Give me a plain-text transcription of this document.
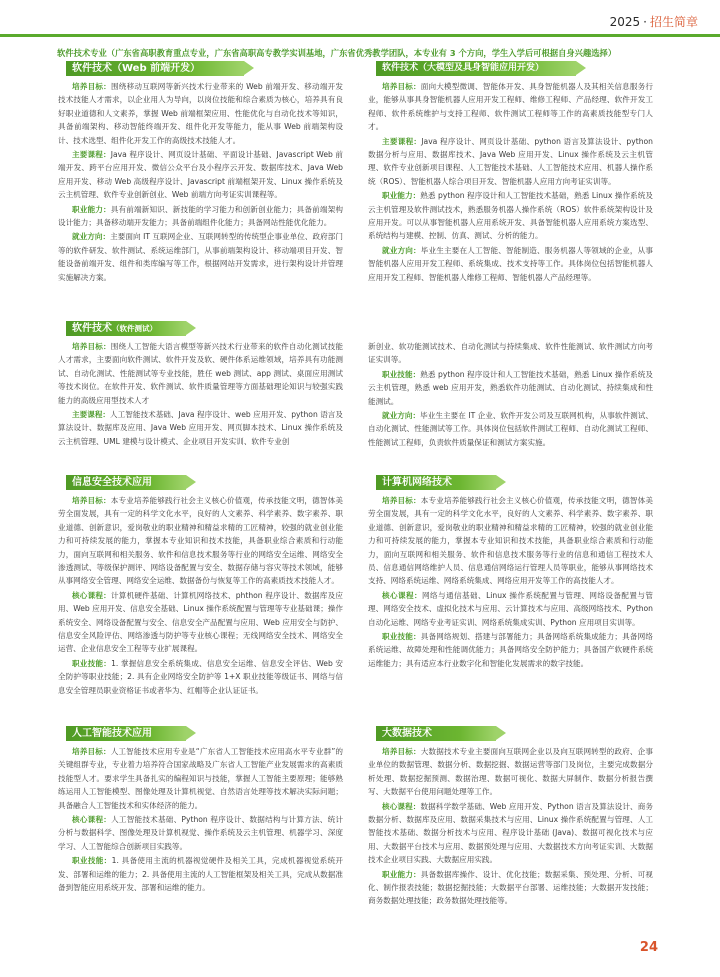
2025 · 招生简章
软件技术专业（广东省高职教育重点专业，广东省高职高专教学实训基地，广东省优秀教学团队，本专业有 3 个方向，学生入学后可根据自身兴趣选择）
软件技术（Web 前端开发）

培养目标：围绕移动互联网等新兴技术行业带来的 Web 前端开发、移动端开发技术技能人才需求，以企业用人为导向，以岗位技能和综合素质为核心，培养具有良好职业道德和人文素养，掌握 Web 前端框架应用、性能优化与自动化技术等知识，具备前端架构、移动智能终端开发、组件化开发等能力，能从事 Web 前端架构设计、技术选型、组件化开发工作的高级技术技能人才。

主要课程：Java 程序设计、网页设计基础、平面设计基础、Javascript Web 前端开发、跨平台应用开发、微信公众平台及小程序云开发、数据库技术、Java Web 应用开发、移动 Web 高级程序设计、Javascript 前端框架开发、Linux 操作系统及云主机管理、软件专业创新创业、Web 前端方向考证实训课程等。

职业能力：具有前端新知识、新技能的学习能力和创新创业能力；具备前端架构设计能力；具备移动端开发能力；具备前端组件化能力；具备网站性能优化能力。

就业方向：主要面向 IT 互联网企业、互联网转型的传统型企事业单位、政府部门等的软件研发、软件测试、系统运维部门，从事前端架构设计、移动端项目开发、智能设备前端开发、组件和类库编写等工作，根据网站开发需求，进行架构设计并管理实施解决方案。

软件技术（大模型及具身智能应用开发）

培养目标：面向大模型微调、智能体开发、具身智能机器人及其相关信息服务行业，能够从事具身智能机器人应用开发工程师、维修工程师、产品经理、软件开发工程师、软件系统维护与支持工程师、软件测试工程师等工作的高素质技能型专门人才。

主要课程：Java 程序设计、网页设计基础、python 语言及算法设计、python 数据分析与应用、数据库技术、Java Web 应用开发、Linux 操作系统及云主机管理、软件专业创新项目课程、人工智能技术基础、人工智能技术应用、机器人操作系统（ROS）、智能机器人综合项目开发、智能机器人应用方向考证实训等。

职业能力：熟悉 python 程序设计和人工智能技术基础，熟悉 Linux 操作系统及云主机管理及软件测试技术，熟悉服务机器人操作系统（ROS）软件系统架构设计及应用开发。可以从事智能机器人应用系统开发、具备智能机器人应用系统方案选型、系统结构与建模、控制、仿真、测试、分析的能力。

就业方向：毕业生主要在人工智能、智能制造、服务机器人等领域的企业，从事智能机器人应用开发工程师、系统集成、技术支持等工作。具体岗位包括智能机器人应用开发工程师、智能机器人维修工程师、智能机器人产品经理等。

软件技术（软件测试）

培养目标：围绕人工智能大语言模型等新兴技术行业带来的软件自动化测试技能人才需求，主要面向软件测试、软件开发及软、硬件体系运维领域，培养具有功能测试、自动化测试、性能测试等专业技能，胜任 web 测试、app 测试、桌面应用测试等技术岗位。在软件开发、软件测试、软件质量管理等方面基础理论知识与较强实践能力的高级应用型技术人才

主要课程：人工智能技术基础、Java 程序设计、web 应用开发、python 语言及算法设计、数据库及应用、Java Web 应用开发、网页脚本技术、Linux 操作系统及云主机管理、UML 建模与设计模式、企业项目开发实训、软件专业创

新创业、软功能测试技术、自动化测试与持续集成、软件性能测试、软件测试方向考证实训等。

职业技能：熟悉 python 程序设计和人工智能技术基础，熟悉 Linux 操作系统及云主机管理，熟悉 web 应用开发，熟悉软件功能测试、自动化测试、持续集成和性能测试。

就业方向：毕业生主要在 IT 企业、软件开发公司及互联网机构，从事软件测试、自动化测试、性能测试等工作。具体岗位包括软件测试工程师、自动化测试工程师、性能测试工程师，负责软件质量保证和测试方案实施。

信息安全技术应用

培养目标：本专业培养能够践行社会主义核心价值观，传承技能文明，德智体美劳全面发展，具有一定的科学文化水平，良好的人文素养、科学素养、数字素养、职业道德、创新意识，爱岗敬业的职业精神和精益求精的工匠精神，较强的就业创业能力和可持续发展的能力，掌握本专业知识和技术技能，具备职业综合素质和行动能力，面向互联网和相关服务、软件和信息技术服务等行业的网络安全运维、网络安全渗透测试、等级保护测评、网络设备配置与安全、数据存储与容灾等技术领域，能够从事网络安全管理、网络安全运维、数据备份与恢复等工作的高素质技术技能人才。

核心课程：计算机硬件基础、计算机网络技术、phthon 程序设计、数据库及应用、Web 应用开发、信息安全基础、Linux 操作系统配置与管理等专业基础课；操作系统安全、网络设备配置与安全、信息安全产品配置与应用、Web 应用安全与防护、信息安全风险评估、网络渗透与防护等专业核心课程；无线网络安全技术、网络安全运营、企业信息安全工程等专业扩展课程。

职业技能：1. 掌握信息安全系统集成、信息安全运维、信息安全评估、Web 安全防护等职业技能；2. 具有企业网络安全防护等 1+X 职业技能等级证书、网络与信息安全管理员职业资格证书或者华为、红帽等企业认证证书。

计算机网络技术

培养目标：本专业培养能够践行社会主义核心价值观，传承技能文明，德智体美劳全面发展，具有一定的科学文化水平，良好的人文素养、科学素养、数字素养、职业道德、创新意识，爱岗敬业的职业精神和精益求精的工匠精神，较强的就业创业能力和可持续发展的能力，掌握本专业知识和技术技能，具备职业综合素质和行动能力，面向互联网和相关服务、软件和信息技术服务等行业的信息和通信工程技术人员、信息通信网络维护人员、信息通信网络运行管理人员等职业，能够从事网络技术支持、网络系统运维、网络系统集成、网络应用开发等工作的高技能人才。

核心课程：网络与通信基础、Linux 操作系统配置与管理、网络设备配置与管理、网络安全技术、虚拟化技术与应用、云计算技术与应用、高级网络技术、Python 自动化运维、网络专业考证实训、网络系统集成实训、Python 应用项目实训等。

职业技能：具备网络规划、搭建与部署能力；具备网络系统集成能力；具备网络系统运维、故障处理和性能调优能力；具备网络安全防护能力；具备国产软硬件系统运维能力；具有适应本行业数字化和智能化发展需求的数字技能。

人工智能技术应用

培养目标：人工智能技术应用专业是“广东省人工智能技术应用高水平专业群”的关键组群专业，专业着力培养符合国家战略及广东省人工智能产业发展需求的高素质技能型人才。要求学生具备扎实的编程知识与技能，掌握人工智能主要原理；能够熟练运用人工智能模型、图像处理及计算机视觉、自然语言处理等技术解决实际问题；具备融合人工智能技术和实体经济的能力。

核心课程：人工智能技术基础、Python 程序设计、数据结构与计算方法、统计分析与数据科学、图像处理及计算机视觉、操作系统及云主机管理、机器学习、深度学习、人工智能综合创新项目实践等。

职业技能：1. 具备使用主流的机器视觉硬件及相关工具，完成机器视觉系统开发、部署和运维的能力；2. 具备使用主流的人工智能框架及相关工具，完成从数据准备到智能应用系统开发、部署和运维的能力。

大数据技术

培养目标：大数据技术专业主要面向互联网企业以及向互联网转型的政府、企事业单位的数据管理、数据分析、数据挖掘、数据运营等部门及岗位，主要完成数据分析处理、数据挖掘预测、数据治理、数据可视化、数据大屏制作、数据分析报告撰写、大数据平台使用问题处理等工作。

核心课程：数据科学数学基础、Web 应用开发、Python 语言及算法设计、商务数据分析、数据库及应用、数据采集技术与应用、Linux 操作系统配置与管理、人工智能技术基础、数据分析技术与应用、程序设计基础 (Java)、数据可视化技术与应用、大数据平台技术与应用、数据预处理与应用、大数据技术方向考证实训、大数据技术企业项目实践、大数据应用实践。

职业能力：具备数据库操作、设计、优化技能；数据采集、预处理、分析、可视化、制作报表技能；数据挖掘技能；大数据平台部署、运维技能；大数据开发技能；商务数据处理技能；政务数据处理技能等。

24
